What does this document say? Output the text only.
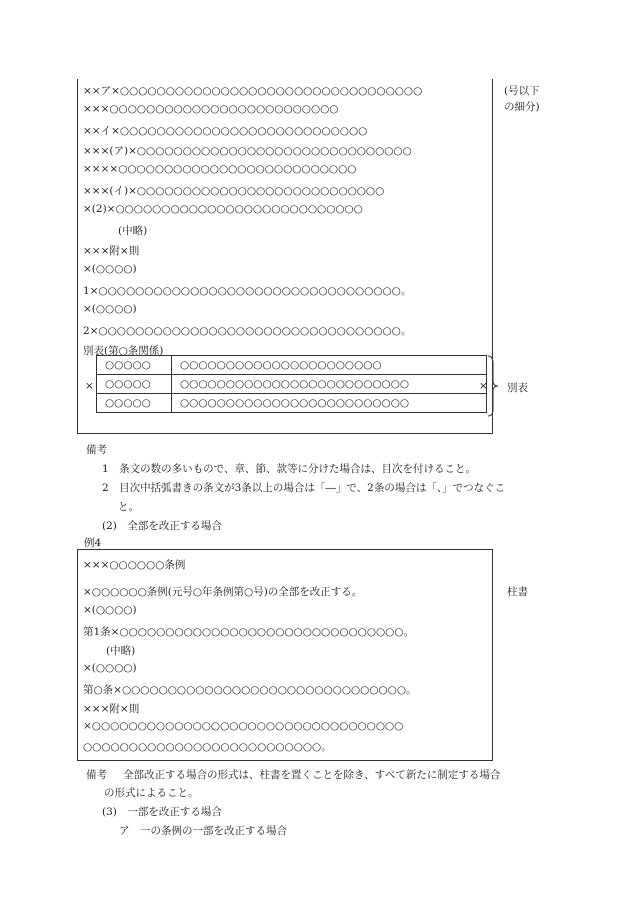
××ア×○○○○○○○○○○○○○○○○○○○○○○○○○○○○○○○○○
×××○○○○○○○○○○○○○○○○○○○○○○○○○
××イ×○○○○○○○○○○○○○○○○○○○○○○○○○○○
×××(ア)×○○○○○○○○○○○○○○○○○○○○○○○○○○○○○○
××××○○○○○○○○○○○○○○○○○○○○○○○○○○
×××(イ)×○○○○○○○○○○○○○○○○○○○○○○○○○○○
×(2)×○○○○○○○○○○○○○○○○○○○○○○○○○○○
(中略)
×××附×則
×(○○○○)
1×○○○○○○○○○○○○○○○○○○○○○○○○○○○○○○○○○。
×(○○○○)
2×○○○○○○○○○○○○○○○○○○○○○○○○○○○○○○○○○。
別表(第○条関係)
(号以下
の細分)
×
○○○○○	○○○○○○○○○○○○○○○○○○○○○○
○○○○○	○○○○○○○○○○○○○○○○○○○○○○○○○
○○○○○	○○○○○○○○○○○○○○○○○○○○○○○○○
× 別表
備考
1　条文の数の多いもので、章、節、款等に分けた場合は、目次を付けること。
2　目次中括弧書きの条文が3条以上の場合は「―」で、2条の場合は「、」でつなぐこ
と。
(2)　全部を改正する場合
例4
×××○○○○○○条例
×○○○○○○条例(元号○年条例第○号)の全部を改正する。
×(○○○○)
第1条×○○○○○○○○○○○○○○○○○○○○○○○○○○○○○○○。
(中略)
×(○○○○)
第○条×○○○○○○○○○○○○○○○○○○○○○○○○○○○○○○○。
×××附×則
×○○○○○○○○○○○○○○○○○○○○○○○○○○○○○○○○○○
○○○○○○○○○○○○○○○○○○○○○○○○○○。
柱書
備考 全部改正する場合の形式は、柱書を置くことを除き、すべて新たに制定する場合
の形式によること。
(3)　一部を改正する場合
ア　一の条例の一部を改正する場合
